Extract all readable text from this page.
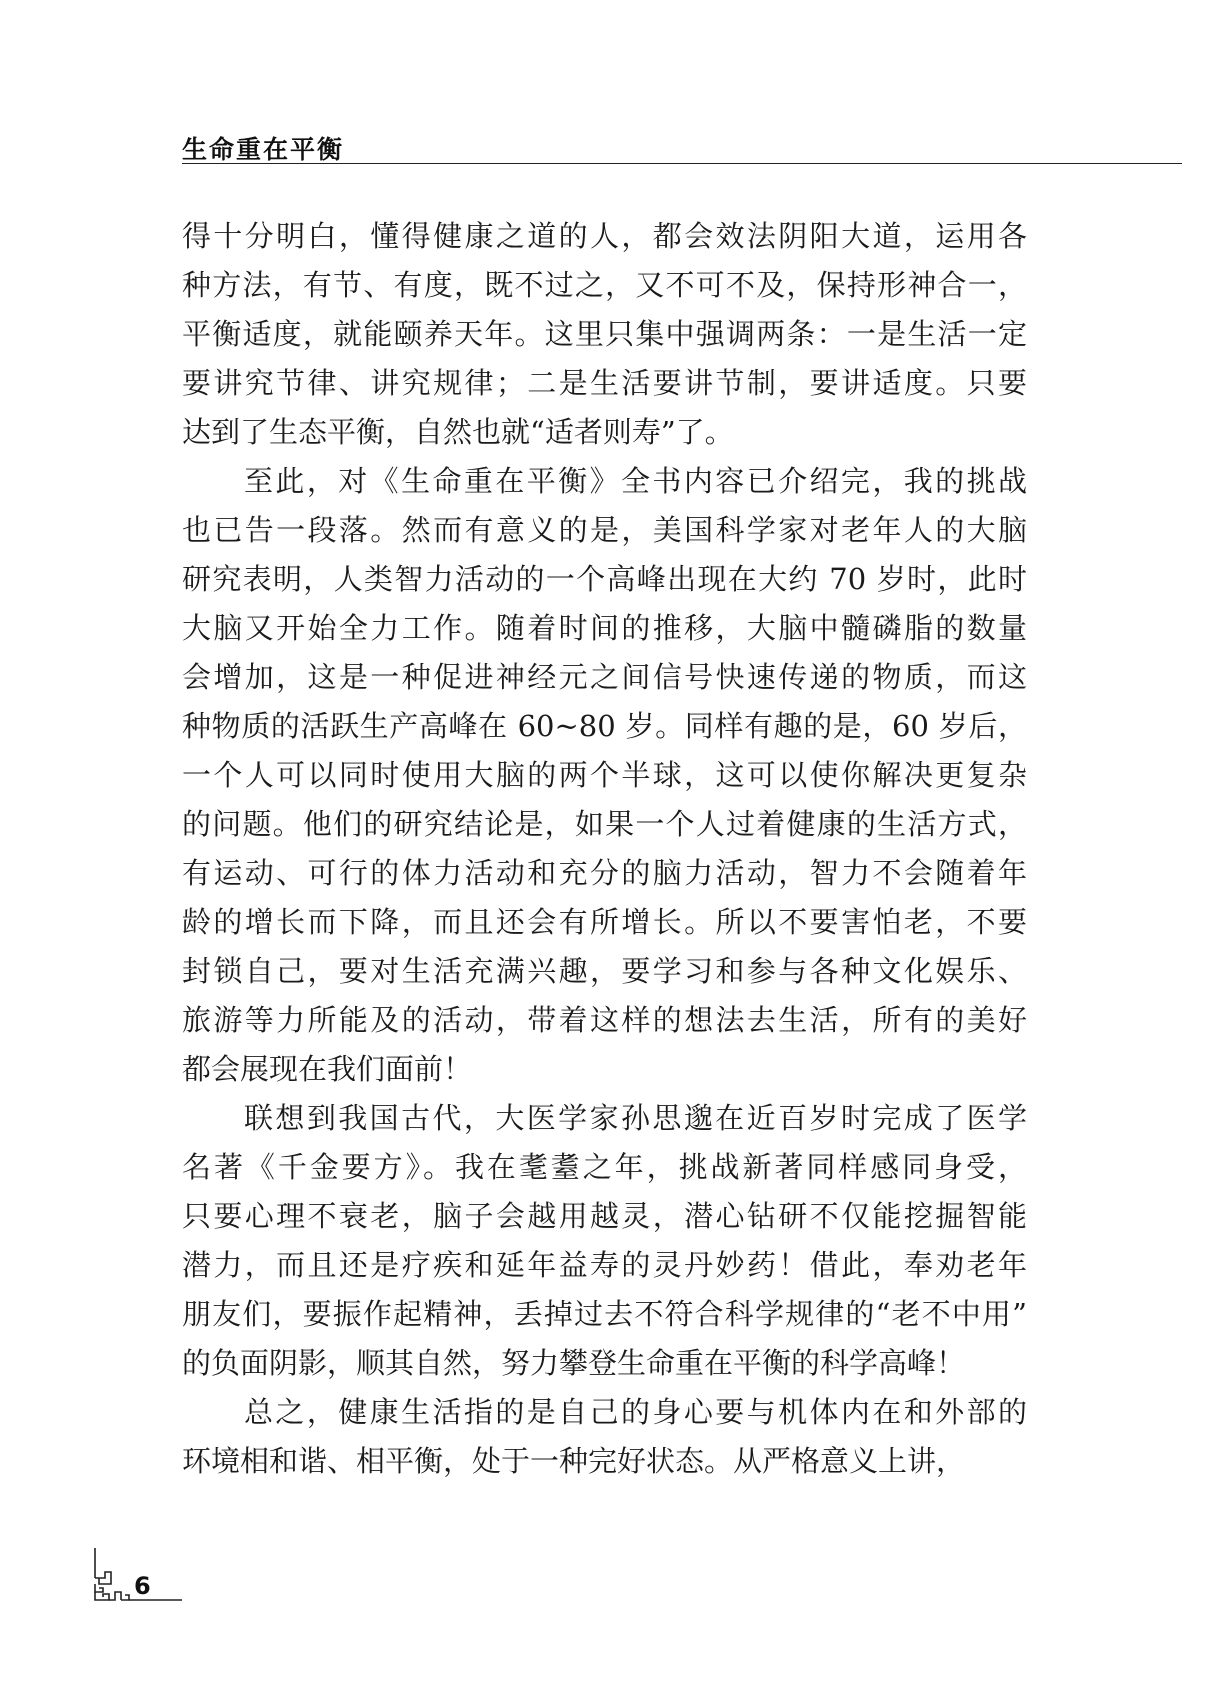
生命重在平衡
得十分明白，懂得健康之道的人，都会效法阴阳大道，运用各
种方法，有节、有度，既不过之，又不可不及，保持形神合一，
平衡适度，就能颐养天年。这里只集中强调两条：一是生活一定
要讲究节律、讲究规律；二是生活要讲节制，要讲适度。只要
达到了生态平衡，自然也就“适者则寿”了。
至此，对《生命重在平衡》全书内容已介绍完，我的挑战
也已告一段落。然而有意义的是，美国科学家对老年人的大脑
研究表明，人类智力活动的一个高峰出现在大约 70 岁时，此时
大脑又开始全力工作。随着时间的推移，大脑中髓磷脂的数量
会增加，这是一种促进神经元之间信号快速传递的物质，而这
种物质的活跃生产高峰在 60~80 岁。同样有趣的是，60 岁后，
一个人可以同时使用大脑的两个半球，这可以使你解决更复杂
的问题。他们的研究结论是，如果一个人过着健康的生活方式，
有运动、可行的体力活动和充分的脑力活动，智力不会随着年
龄的增长而下降，而且还会有所增长。所以不要害怕老，不要
封锁自己，要对生活充满兴趣，要学习和参与各种文化娱乐、
旅游等力所能及的活动，带着这样的想法去生活，所有的美好
都会展现在我们面前！
联想到我国古代，大医学家孙思邈在近百岁时完成了医学
名著《千金要方》。我在耄耋之年，挑战新著同样感同身受，
只要心理不衰老，脑子会越用越灵，潜心钻研不仅能挖掘智能
潜力，而且还是疗疾和延年益寿的灵丹妙药！借此，奉劝老年
朋友们，要振作起精神，丢掉过去不符合科学规律的“老不中用”
的负面阴影，顺其自然，努力攀登生命重在平衡的科学高峰！
总之，健康生活指的是自己的身心要与机体内在和外部的
环境相和谐、相平衡，处于一种完好状态。从严格意义上讲，
6
